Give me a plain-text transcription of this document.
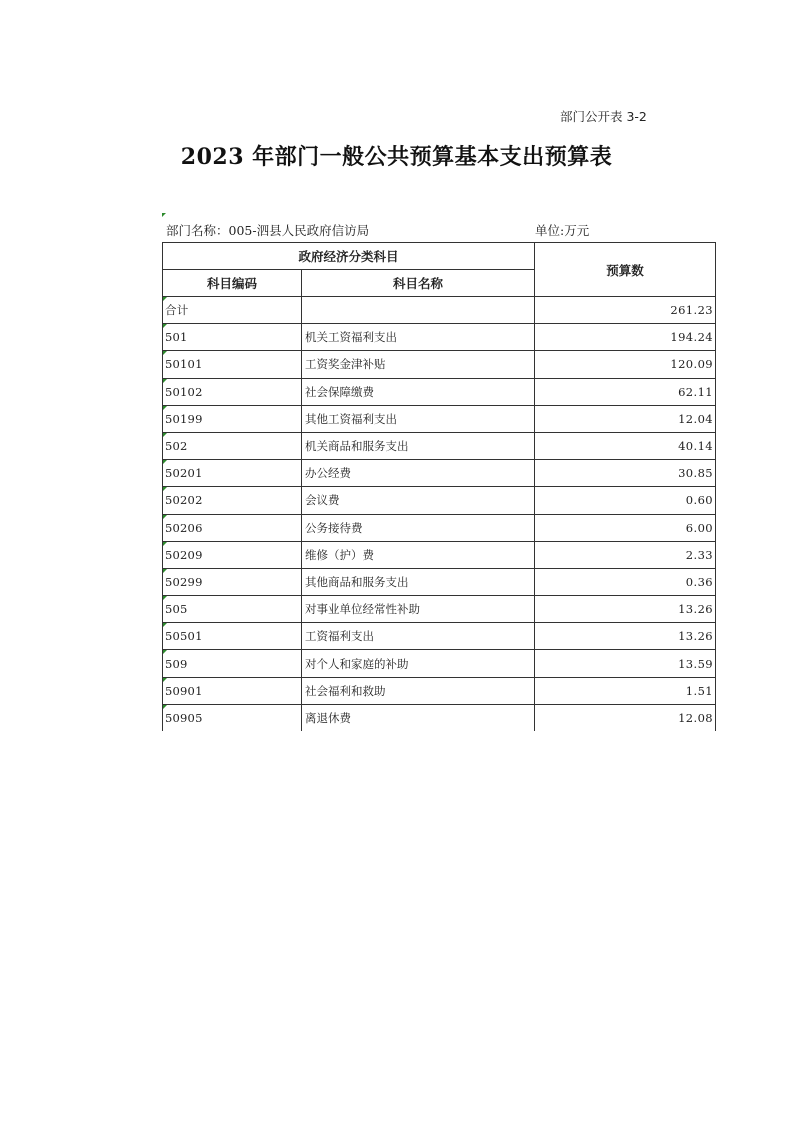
部门公开表 3-2
2023 年部门一般公共预算基本支出预算表
部门名称：005-泗县人民政府信访局	单位:万元
政府经济分类科目		预算数
科目编码	科目名称	
合计		261.23
501	机关工资福利支出	194.24
50101	工资奖金津补贴	120.09
50102	社会保障缴费	62.11
50199	其他工资福利支出	12.04
502	机关商品和服务支出	40.14
50201	办公经费	30.85
50202	会议费	0.60
50206	公务接待费	6.00
50209	维修（护）费	2.33
50299	其他商品和服务支出	0.36
505	对事业单位经常性补助	13.26
50501	工资福利支出	13.26
509	对个人和家庭的补助	13.59
50901	社会福利和救助	1.51
50905	离退休费	12.08
